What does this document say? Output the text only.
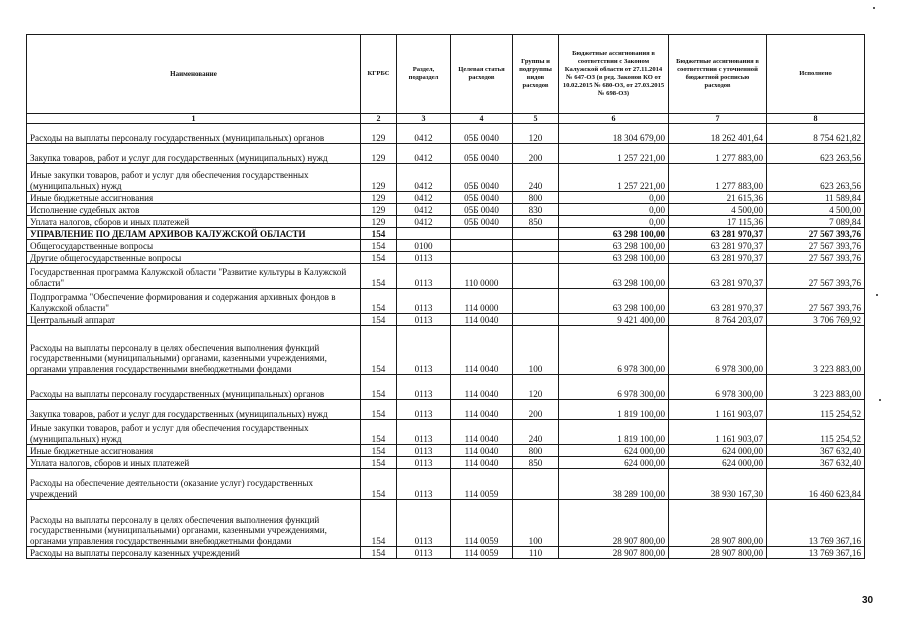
Наименование	КГРБС	Раздел, подраздел	Целевая статья расходов	Группы и подгруппы видов расходов	Бюджетные ассигнования в соответствии с Законом Калужской области от 27.11.2014 № 647-ОЗ (в ред. Законов КО от 10.02.2015 № 680-ОЗ, от 27.03.2015 № 698-ОЗ)	Бюджетные ассигнования в соответствии с уточненной бюджетной росписью расходов	Исполнено
1	2	3	4	5	6	7	8
Расходы на выплаты персоналу государственных (муниципальных) органов	129	0412	05Б 0040	120	18 304 679,00	18 262 401,64	8 754 621,82
Закупка товаров, работ и услуг для государственных (муниципальных) нужд	129	0412	05Б 0040	200	1 257 221,00	1 277 883,00	623 263,56
Иные закупки товаров, работ и услуг для обеспечения государственных (муниципальных) нужд	129	0412	05Б 0040	240	1 257 221,00	1 277 883,00	623 263,56
Иные бюджетные ассигнования	129	0412	05Б 0040	800	0,00	21 615,36	11 589,84
Исполнение судебных актов	129	0412	05Б 0040	830	0,00	4 500,00	4 500,00
Уплата налогов, сборов и иных платежей	129	0412	05Б 0040	850	0,00	17 115,36	7 089,84
УПРАВЛЕНИЕ ПО ДЕЛАМ АРХИВОВ КАЛУЖСКОЙ ОБЛАСТИ	154				63 298 100,00	63 281 970,37	27 567 393,76
Общегосударственные вопросы	154	0100			63 298 100,00	63 281 970,37	27 567 393,76
Другие общегосударственные вопросы	154	0113			63 298 100,00	63 281 970,37	27 567 393,76
Государственная программа Калужской области "Развитие культуры в Калужской области"	154	0113	110 0000		63 298 100,00	63 281 970,37	27 567 393,76
Подпрограмма "Обеспечение формирования и содержания архивных фондов в Калужской области"	154	0113	114 0000		63 298 100,00	63 281 970,37	27 567 393,76
Центральный аппарат	154	0113	114 0040		9 421 400,00	8 764 203,07	3 706 769,92
Расходы на выплаты персоналу в целях обеспечения выполнения функций государственными (муниципальными) органами, казенными учреждениями, органами управления государственными внебюджетными фондами	154	0113	114 0040	100	6 978 300,00	6 978 300,00	3 223 883,00
Расходы на выплаты персоналу государственных (муниципальных) органов	154	0113	114 0040	120	6 978 300,00	6 978 300,00	3 223 883,00
Закупка товаров, работ и услуг для государственных (муниципальных) нужд	154	0113	114 0040	200	1 819 100,00	1 161 903,07	115 254,52
Иные закупки товаров, работ и услуг для обеспечения государственных (муниципальных) нужд	154	0113	114 0040	240	1 819 100,00	1 161 903,07	115 254,52
Иные бюджетные ассигнования	154	0113	114 0040	800	624 000,00	624 000,00	367 632,40
Уплата налогов, сборов и иных платежей	154	0113	114 0040	850	624 000,00	624 000,00	367 632,40
Расходы на обеспечение деятельности (оказание услуг) государственных учреждений	154	0113	114 0059		38 289 100,00	38 930 167,30	16 460 623,84
Расходы на выплаты персоналу в целях обеспечения выполнения функций государственными (муниципальными) органами, казенными учреждениями, органами управления государственными внебюджетными фондами	154	0113	114 0059	100	28 907 800,00	28 907 800,00	13 769 367,16
Расходы на выплаты персоналу казенных учреждений	154	0113	114 0059	110	28 907 800,00	28 907 800,00	13 769 367,16
30
